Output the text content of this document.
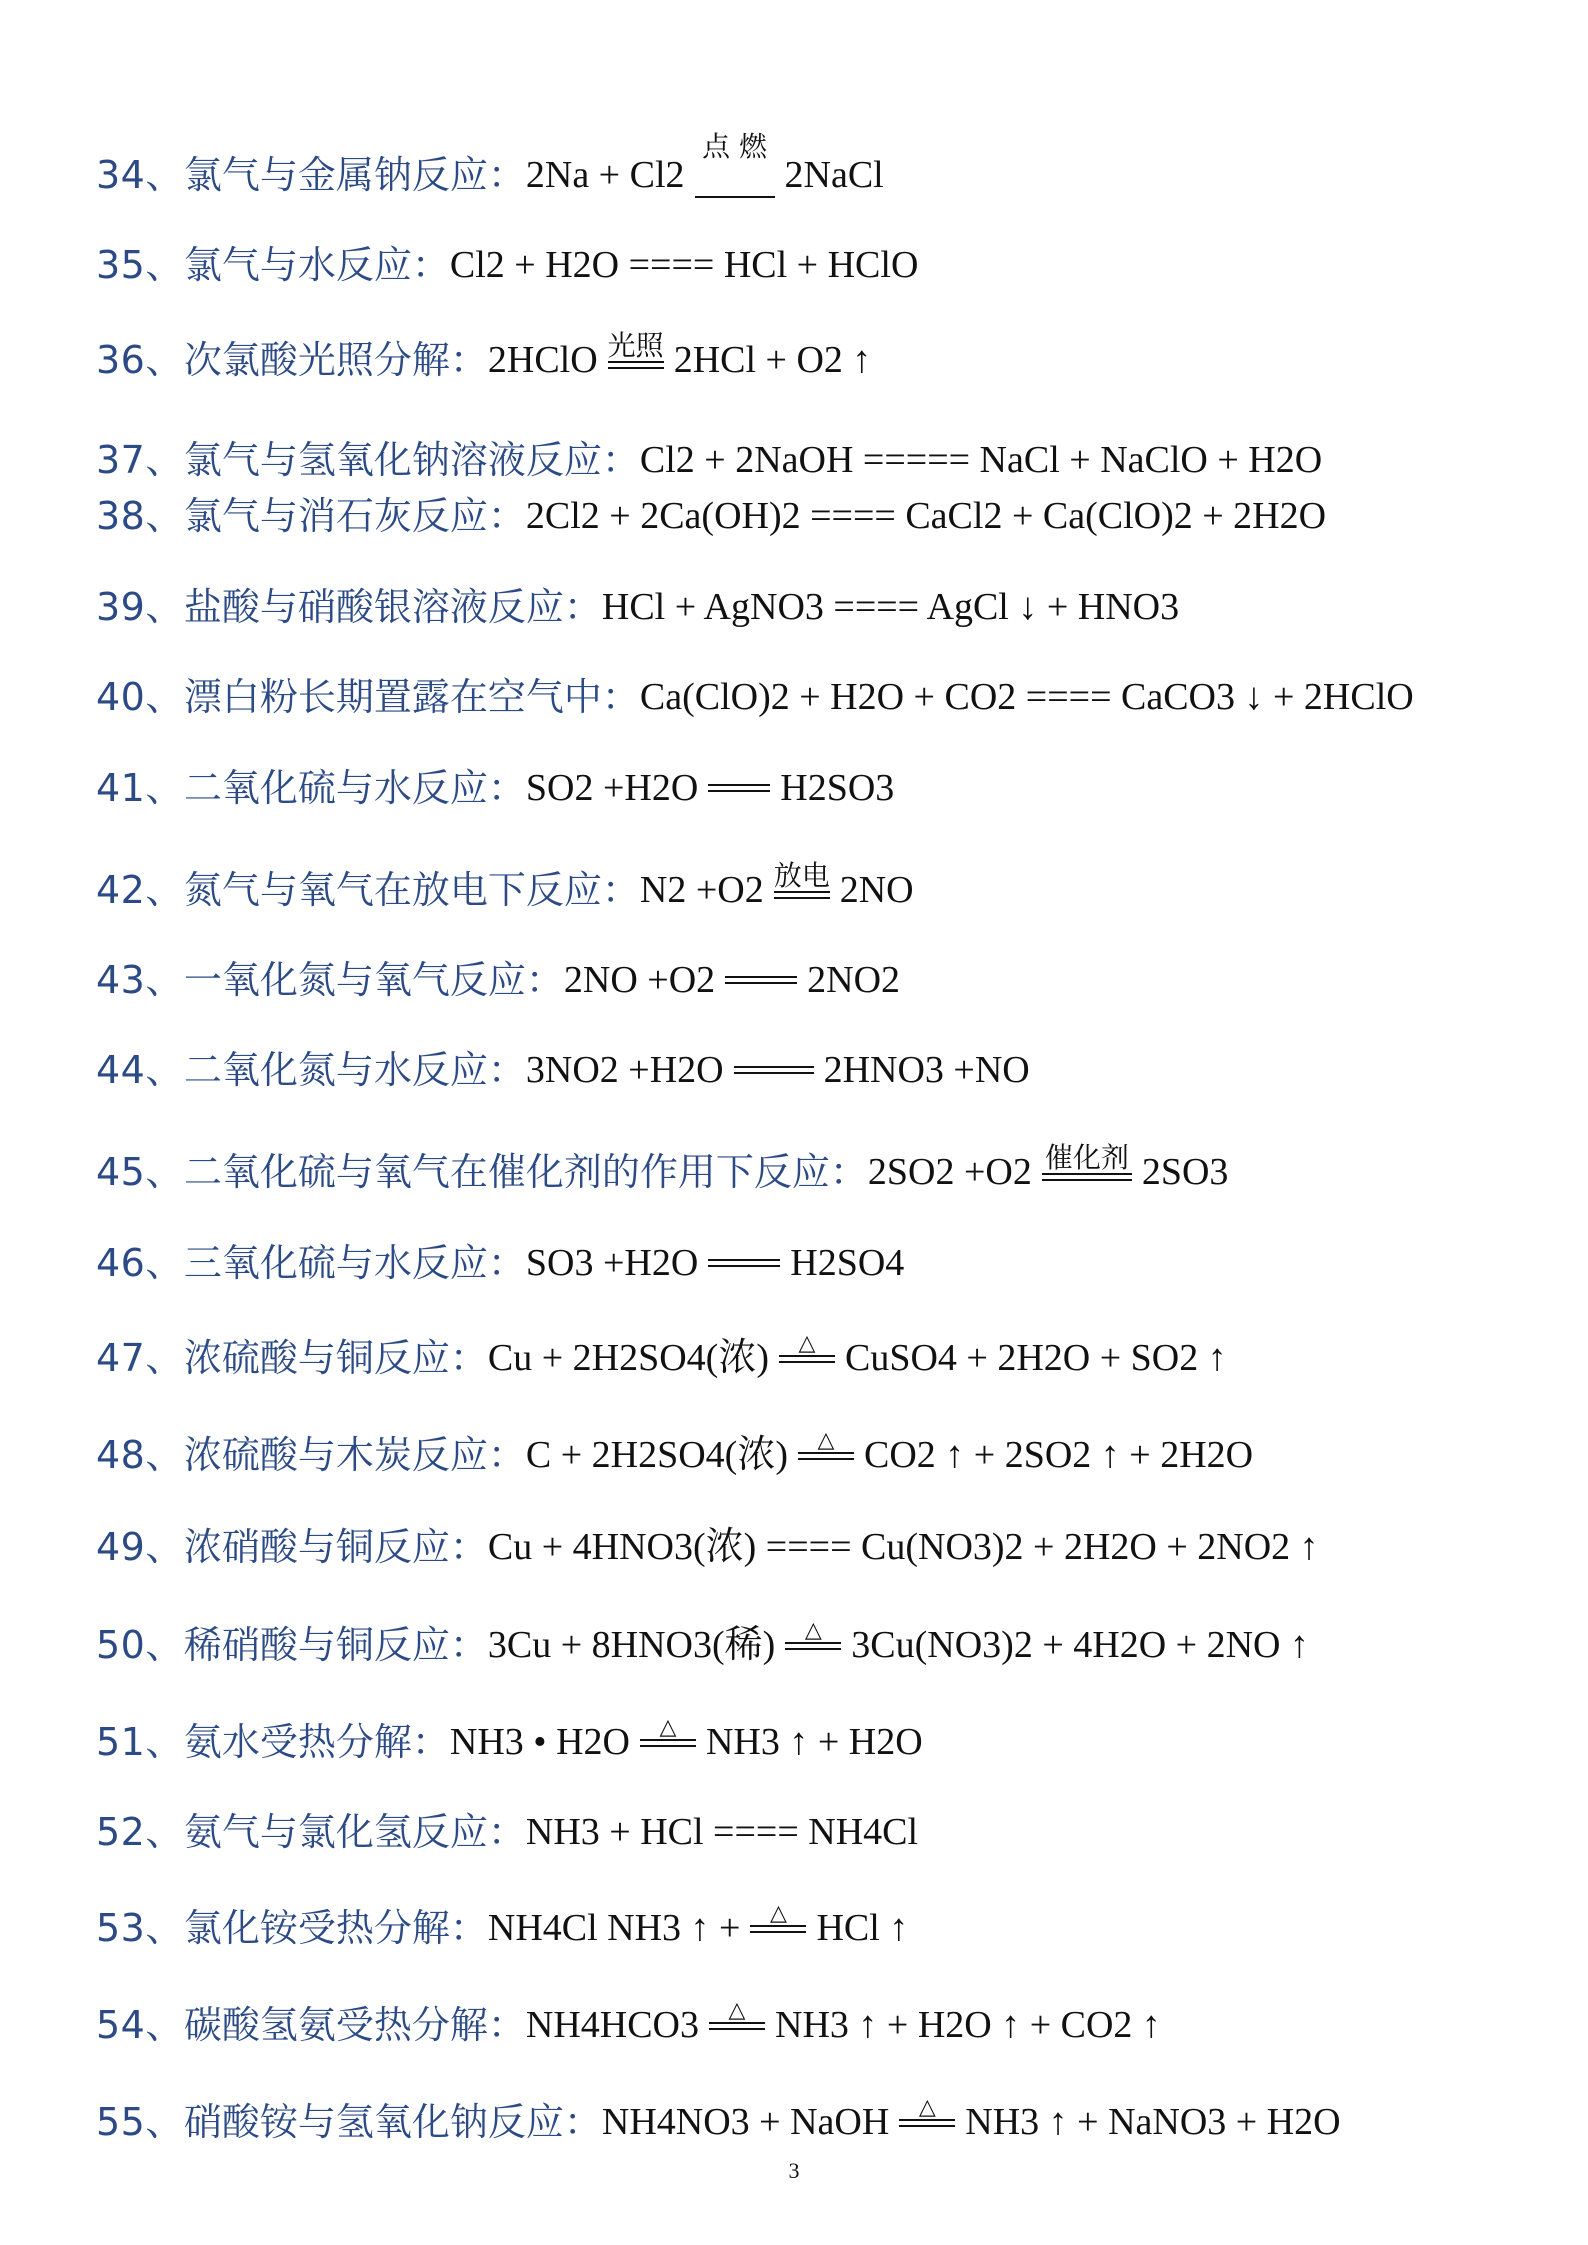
34、 氯气与金属钠反应： 2Na + Cl2
点 燃
2NaCl
35、 氯气与水反应： Cl2 + H2O ==== HCl + HClO
36、 次氯酸光照分解： 2HClO 光照 2HCl + O2 ↑
37、 氯气与氢氧化钠溶液反应： Cl2 + 2NaOH ===== NaCl + NaClO + H2O
38、 氯气与消石灰反应： 2Cl2 + 2Ca(OH)2 ==== CaCl2 + Ca(ClO)2 + 2H2O
39、 盐酸与硝酸银溶液反应： HCl + AgNO3 ==== AgCl ↓ + HNO3
40、 漂白粉长期置露在空气中： Ca(ClO)2 + H2O + CO2 ==== CaCO3 ↓ + 2HClO
41、 二氧化硫与水反应： SO2 +H2O H2SO3
42、 氮气与氧气在放电下反应： N2 +O2 放电 2NO
43、 一氧化氮与氧气反应： 2NO +O2 2NO2
44、 二氧化氮与水反应： 3NO2 +H2O	2HNO3 +NO
45、 二氧化硫与氧气在催化剂的作用下反应： 2SO2 +O2 催化剂 2SO3
46、 三氧化硫与水反应： SO3 +H2O H2SO4
47、 浓硫酸与铜反应： Cu + 2H2SO4(浓) △ CuSO4 + 2H2O + SO2 ↑
48、 浓硫酸与木炭反应： C + 2H2SO4(浓) △ CO2 ↑ + 2SO2 ↑ + 2H2O
49、 浓硝酸与铜反应： Cu + 4HNO3(浓) ==== Cu(NO3)2 + 2H2O + 2NO2 ↑
50、 稀硝酸与铜反应： 3Cu + 8HNO3(稀) △ 3Cu(NO3)2 + 4H2O + 2NO ↑
51、 氨水受热分解： NH3 • H2O △ NH3 ↑ + H2O
52、 氨气与氯化氢反应： NH3 + HCl ==== NH4Cl
53、 氯化铵受热分解： NH4Cl NH3 ↑ + △ HCl ↑
54、 碳酸氢氨受热分解： NH4HCO3 △ NH3 ↑ + H2O ↑ + CO2 ↑
55、 硝酸铵与氢氧化钠反应： NH4NO3 + NaOH △ NH3 ↑ + NaNO3 + H2O
3
